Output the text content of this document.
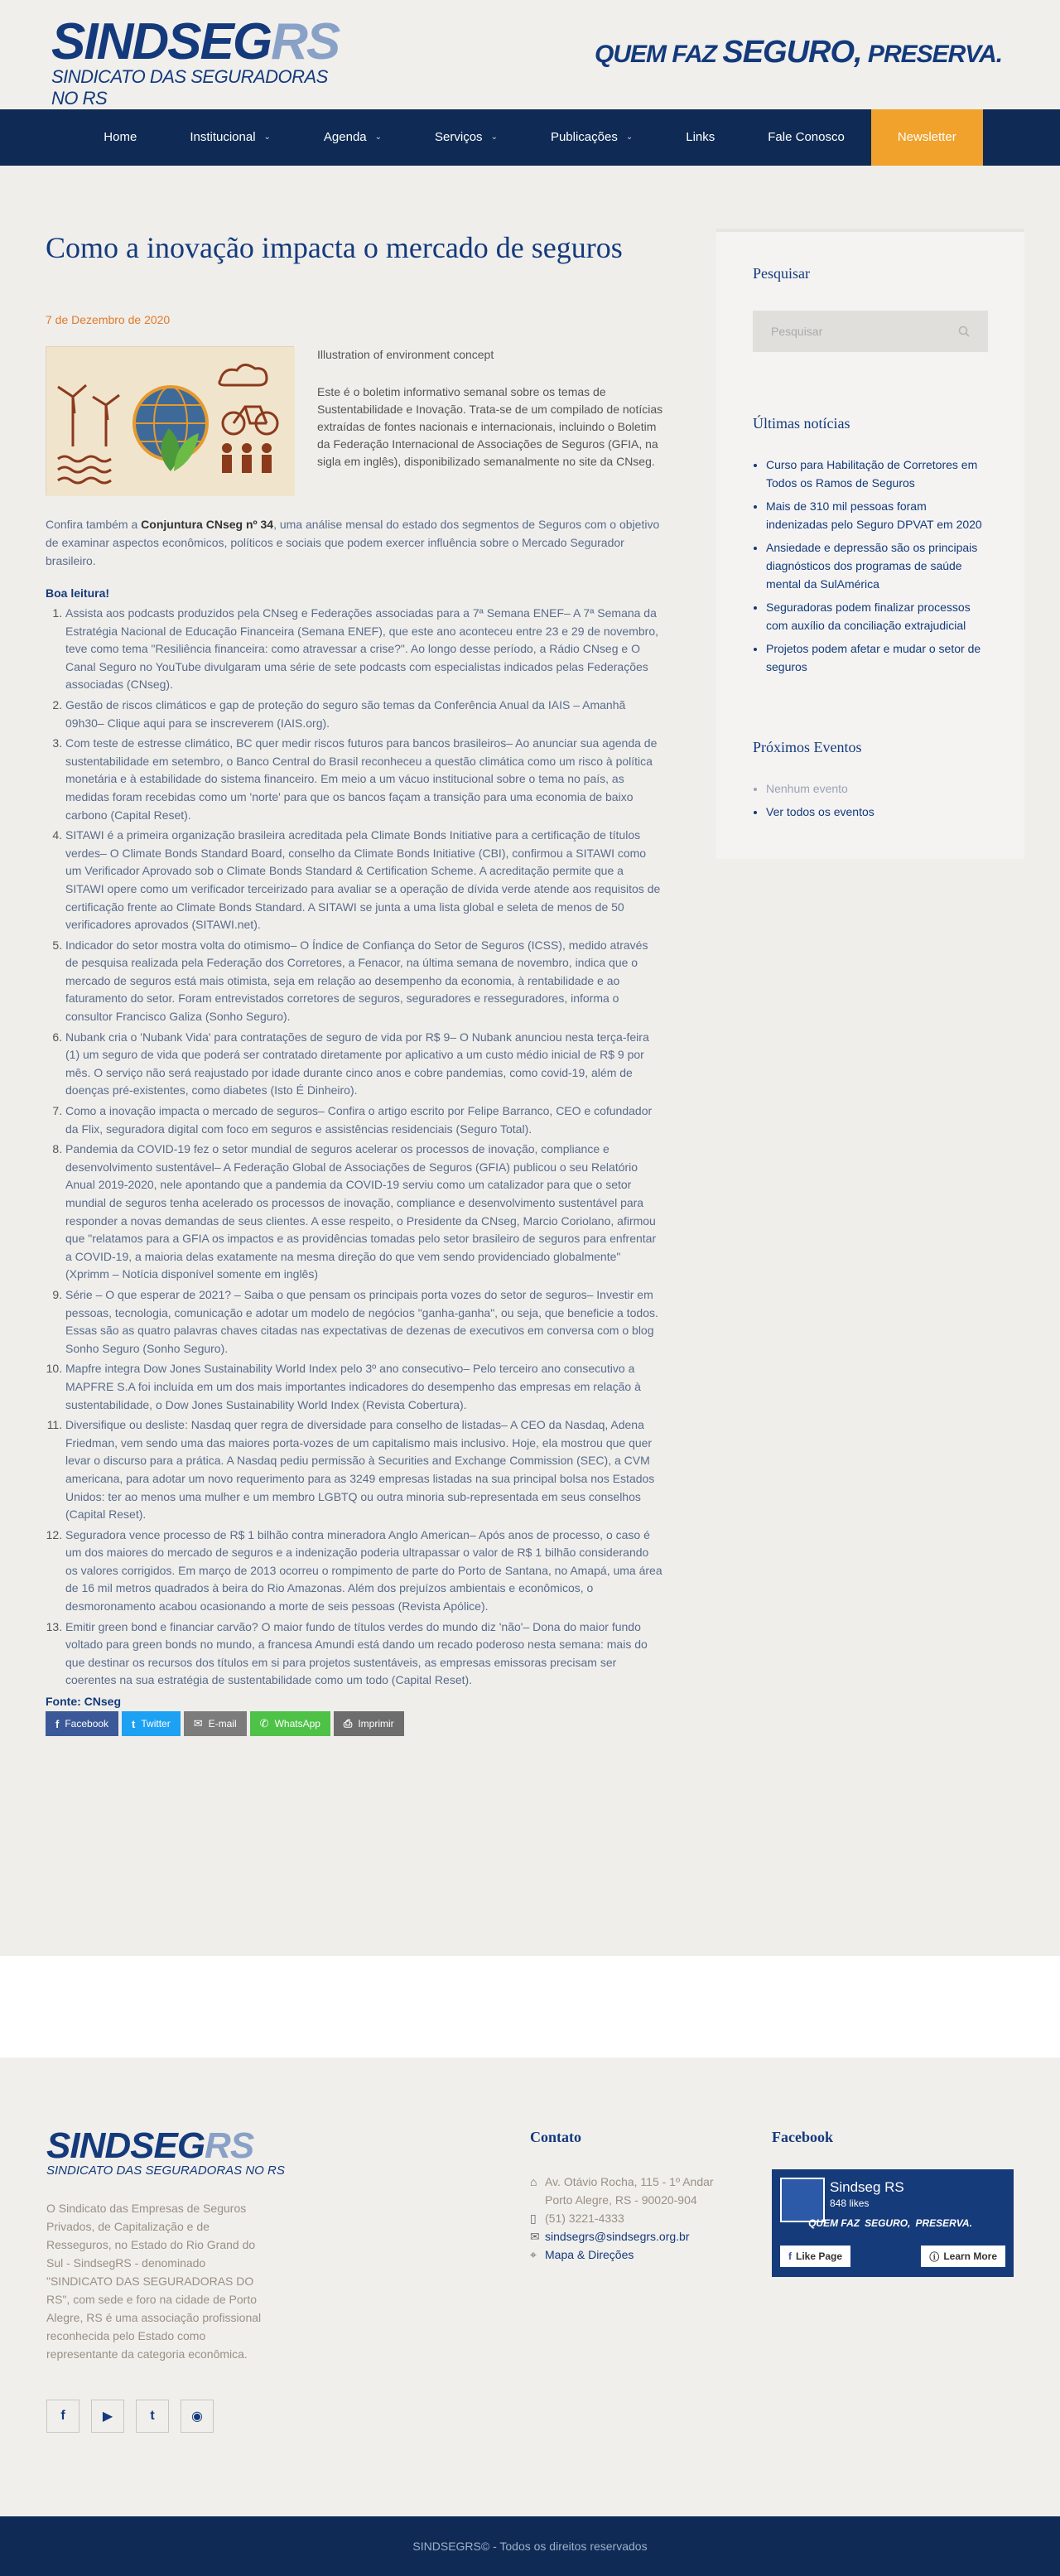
SINDSEGRS
SINDICATO DAS SEGURADORAS NO RS
QUEM FAZ SEGURO, PRESERVA.
Home	Institucional ⌄	Agenda ⌄	Serviços ⌄	Publicações ⌄	Links	Fale Conosco	Newsletter
Como a inovação impacta o mercado de seguros
7 de Dezembro de 2020

Illustration of environment concept

Este é o boletim informativo semanal sobre os temas de Sustentabilidade e Inovação. Trata-se de um compilado de notícias extraídas de fontes nacionais e internacionais, incluindo o Boletim da Federação Internacional de Associações de Seguros (GFIA, na sigla em inglês), disponibilizado semanalmente no site da CNseg.

Confira também a Conjuntura CNseg nº 34, uma análise mensal do estado dos segmentos de Seguros com o objetivo de examinar aspectos econômicos, políticos e sociais que podem exercer influência sobre o Mercado Segurador brasileiro.

Boa leitura!

1. Assista aos podcasts produzidos pela CNseg e Federações associadas para a 7ª Semana ENEF– A 7ª Semana da Estratégia Nacional de Educação Financeira (Semana ENEF), que este ano aconteceu entre 23 e 29 de novembro, teve como tema "Resiliência financeira: como atravessar a crise?". Ao longo desse período, a Rádio CNseg e O Canal Seguro no YouTube divulgaram uma série de sete podcasts com especialistas indicados pelas Federações associadas (CNseg).
2. Gestão de riscos climáticos e gap de proteção do seguro são temas da Conferência Anual da IAIS – Amanhã 09h30– Clique aqui para se inscreverem (IAIS.org).
3. Com teste de estresse climático, BC quer medir riscos futuros para bancos brasileiros– Ao anunciar sua agenda de sustentabilidade em setembro, o Banco Central do Brasil reconheceu a questão climática como um risco à política monetária e à estabilidade do sistema financeiro. Em meio a um vácuo institucional sobre o tema no país, as medidas foram recebidas como um 'norte' para que os bancos façam a transição para uma economia de baixo carbono (Capital Reset).
4. SITAWI é a primeira organização brasileira acreditada pela Climate Bonds Initiative para a certificação de títulos verdes– O Climate Bonds Standard Board, conselho da Climate Bonds Initiative (CBI), confirmou a SITAWI como um Verificador Aprovado sob o Climate Bonds Standard & Certification Scheme. A acreditação permite que a SITAWI opere como um verificador terceirizado para avaliar se a operação de dívida verde atende aos requisitos de certificação frente ao Climate Bonds Standard. A SITAWI se junta a uma lista global e seleta de menos de 50 verificadores aprovados (SITAWI.net).
5. Indicador do setor mostra volta do otimismo– O Índice de Confiança do Setor de Seguros (ICSS), medido através de pesquisa realizada pela Federação dos Corretores, a Fenacor, na última semana de novembro, indica que o mercado de seguros está mais otimista, seja em relação ao desempenho da economia, à rentabilidade e ao faturamento do setor. Foram entrevistados corretores de seguros, seguradores e resseguradores, informa o consultor Francisco Galiza (Sonho Seguro).
6. Nubank cria o 'Nubank Vida' para contratações de seguro de vida por R$ 9– O Nubank anunciou nesta terça-feira (1) um seguro de vida que poderá ser contratado diretamente por aplicativo a um custo médio inicial de R$ 9 por mês. O serviço não será reajustado por idade durante cinco anos e cobre pandemias, como covid-19, além de doenças pré-existentes, como diabetes (Isto É Dinheiro).
7. Como a inovação impacta o mercado de seguros– Confira o artigo escrito por Felipe Barranco, CEO e cofundador da Flix, seguradora digital com foco em seguros e assistências residenciais (Seguro Total).
8. Pandemia da COVID-19 fez o setor mundial de seguros acelerar os processos de inovação, compliance e desenvolvimento sustentável– A Federação Global de Associações de Seguros (GFIA) publicou o seu Relatório Anual 2019-2020, nele apontando que a pandemia da COVID-19 serviu como um catalizador para que o setor mundial de seguros tenha acelerado os processos de inovação, compliance e desenvolvimento sustentável para responder a novas demandas de seus clientes. A esse respeito, o Presidente da CNseg, Marcio Coriolano, afirmou que "relatamos para a GFIA os impactos e as providências tomadas pelo setor brasileiro de seguros para enfrentar a COVID-19, a maioria delas exatamente na mesma direção do que vem sendo providenciado globalmente" (Xprimm – Notícia disponível somente em inglês)
9. Série – O que esperar de 2021? – Saiba o que pensam os principais porta vozes do setor de seguros– Investir em pessoas, tecnologia, comunicação e adotar um modelo de negócios "ganha-ganha", ou seja, que beneficie a todos. Essas são as quatro palavras chaves citadas nas expectativas de dezenas de executivos em conversa com o blog Sonho Seguro (Sonho Seguro).
10. Mapfre integra Dow Jones Sustainability World Index pelo 3º ano consecutivo– Pelo terceiro ano consecutivo a MAPFRE S.A foi incluída em um dos mais importantes indicadores do desempenho das empresas em relação à sustentabilidade, o Dow Jones Sustainability World Index (Revista Cobertura).
11. Diversifique ou desliste: Nasdaq quer regra de diversidade para conselho de listadas– A CEO da Nasdaq, Adena Friedman, vem sendo uma das maiores porta-vozes de um capitalismo mais inclusivo. Hoje, ela mostrou que quer levar o discurso para a prática. A Nasdaq pediu permissão à Securities and Exchange Commission (SEC), a CVM americana, para adotar um novo requerimento para as 3249 empresas listadas na sua principal bolsa nos Estados Unidos: ter ao menos uma mulher e um membro LGBTQ ou outra minoria sub-representada em seus conselhos (Capital Reset).
12. Seguradora vence processo de R$ 1 bilhão contra mineradora Anglo American– Após anos de processo, o caso é um dos maiores do mercado de seguros e a indenização poderia ultrapassar o valor de R$ 1 bilhão considerando os valores corrigidos. Em março de 2013 ocorreu o rompimento de parte do Porto de Santana, no Amapá, uma área de 16 mil metros quadrados à beira do Rio Amazonas. Além dos prejuízos ambientais e econômicos, o desmoronamento acabou ocasionando a morte de seis pessoas (Revista Apólice).
13. Emitir green bond e financiar carvão? O maior fundo de títulos verdes do mundo diz 'não'– Dona do maior fundo voltado para green bonds no mundo, a francesa Amundi está dando um recado poderoso nesta semana: mais do que destinar os recursos dos títulos em si para projetos sustentáveis, as empresas emissoras precisam ser coerentes na sua estratégia de sustentabilidade como um todo (Capital Reset).

Fonte: CNseg

f Facebook t Twitter ✉ E-mail ✆ WhatsApp ⎙ Imprimir
Pesquisar
Pesquisar
Últimas notícias
• Curso para Habilitação de Corretores em Todos os Ramos de Seguros
• Mais de 310 mil pessoas foram indenizadas pelo Seguro DPVAT em 2020
• Ansiedade e depressão são os principais diagnósticos dos programas de saúde mental da SulAmérica
• Seguradoras podem finalizar processos com auxílio da conciliação extrajudicial
• Projetos podem afetar e mudar o setor de seguros
Próximos Eventos
• Nenhum evento
• Ver todos os eventos
SINDSEGRS
SINDICATO DAS SEGURADORAS NO RS

O Sindicato das Empresas de Seguros Privados, de Capitalização e de Resseguros, no Estado do Rio Grand do Sul - SindsegRS - denominado "SINDICATO DAS SEGURADORAS DO RS", com sede e foro na cidade de Porto Alegre, RS é uma associação profissional reconhecida pelo Estado como representante da categoria econômica.

f	▶	t	◉
Contato
⌂ Av. Otávio Rocha, 115 - 1º Andar
Porto Alegre, RS - 90020-904
▯ (51) 3221-4333
✉ sindsegrs@sindsegrs.org.br
⌖ Mapa & Direções
Facebook
Sindseg RS
848 likes
QUEM FAZ SEGURO, PRESERVA.
f Like Page	ⓘ Learn More
SINDSEGRS© - Todos os direitos reservados
